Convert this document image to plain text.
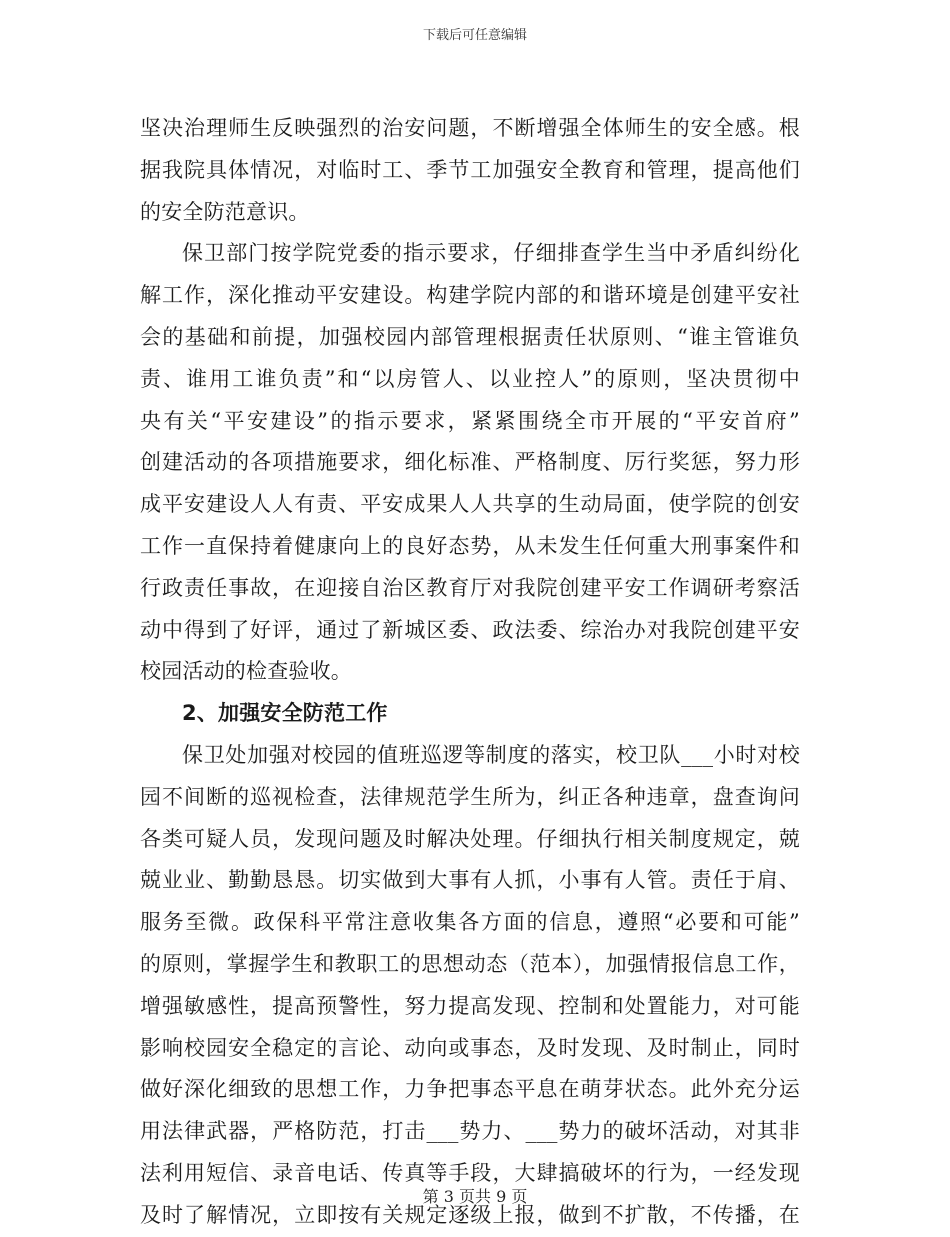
下载后可任意编辑
坚决治理师生反映强烈的治安问题，不断增强全体师生的安全感。根
据我院具体情况，对临时工、季节工加强安全教育和管理，提高他们
的安全防范意识。
保卫部门按学院党委的指示要求，仔细排查学生当中矛盾纠纷化
解工作，深化推动平安建设。构建学院内部的和谐环境是创建平安社
会的基础和前提，加强校园内部管理根据责任状原则、“谁主管谁负
责、谁用工谁负责”和“以房管人、以业控人”的原则，坚决贯彻中
央有关“平安建设”的指示要求，紧紧围绕全市开展的“平安首府”
创建活动的各项措施要求，细化标准、严格制度、厉行奖惩，努力形
成平安建设人人有责、平安成果人人共享的生动局面，使学院的创安
工作一直保持着健康向上的良好态势，从未发生任何重大刑事案件和
行政责任事故，在迎接自治区教育厅对我院创建平安工作调研考察活
动中得到了好评，通过了新城区委、政法委、综治办对我院创建平安
校园活动的检查验收。
2、加强安全防范工作
保卫处加强对校园的值班巡逻等制度的落实，校卫队___小时对校
园不间断的巡视检查，法律规范学生所为，纠正各种违章，盘查询问
各类可疑人员，发现问题及时解决处理。仔细执行相关制度规定，兢
兢业业、勤勤恳恳。切实做到大事有人抓，小事有人管。责任于肩、
服务至微。政保科平常注意收集各方面的信息，遵照“必要和可能”
的原则，掌握学生和教职工的思想动态（范本），加强情报信息工作，
增强敏感性，提高预警性，努力提高发现、控制和处置能力，对可能
影响校园安全稳定的言论、动向或事态，及时发现、及时制止，同时
做好深化细致的思想工作，力争把事态平息在萌芽状态。此外充分运
用法律武器，严格防范，打击___势力、___势力的破坏活动，对其非
法利用短信、录音电话、传真等手段，大肆搞破坏的行为，一经发现
及时了解情况，立即按有关规定逐级上报，做到不扩散，不传播，在
第 3 页共 9 页
